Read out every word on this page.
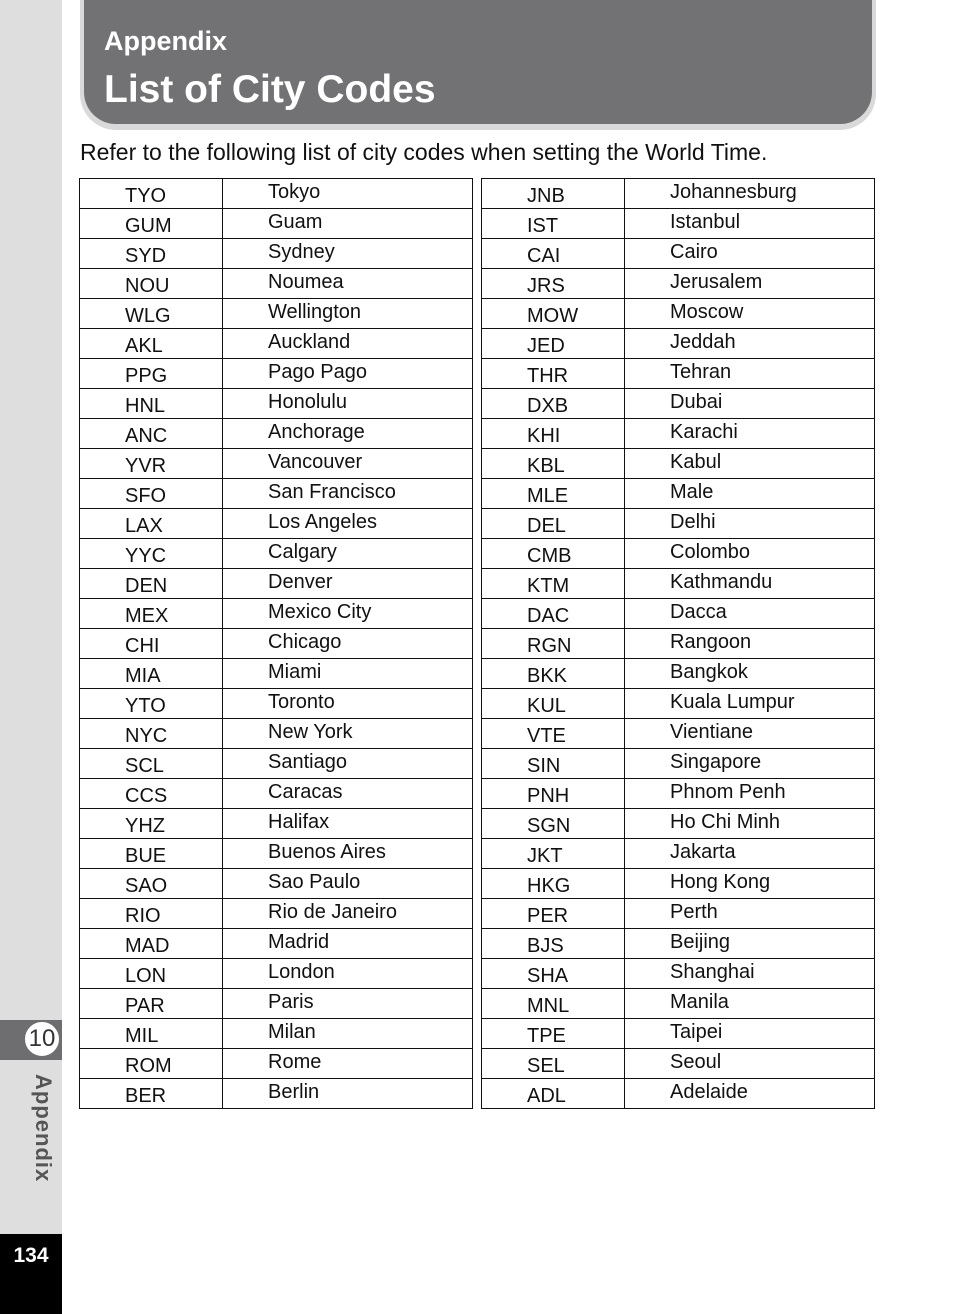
10
Appendix
134
Appendix
List of City Codes
Refer to the following list of city codes when setting the World Time.
TYO	Tokyo
GUM	Guam
SYD	Sydney
NOU	Noumea
WLG	Wellington
AKL	Auckland
PPG	Pago Pago
HNL	Honolulu
ANC	Anchorage
YVR	Vancouver
SFO	San Francisco
LAX	Los Angeles
YYC	Calgary
DEN	Denver
MEX	Mexico City
CHI	Chicago
MIA	Miami
YTO	Toronto
NYC	New York
SCL	Santiago
CCS	Caracas
YHZ	Halifax
BUE	Buenos Aires
SAO	Sao Paulo
RIO	Rio de Janeiro
MAD	Madrid
LON	London
PAR	Paris
MIL	Milan
ROM	Rome
BER	Berlin
JNB	Johannesburg
IST	Istanbul
CAI	Cairo
JRS	Jerusalem
MOW	Moscow
JED	Jeddah
THR	Tehran
DXB	Dubai
KHI	Karachi
KBL	Kabul
MLE	Male
DEL	Delhi
CMB	Colombo
KTM	Kathmandu
DAC	Dacca
RGN	Rangoon
BKK	Bangkok
KUL	Kuala Lumpur
VTE	Vientiane
SIN	Singapore
PNH	Phnom Penh
SGN	Ho Chi Minh
JKT	Jakarta
HKG	Hong Kong
PER	Perth
BJS	Beijing
SHA	Shanghai
MNL	Manila
TPE	Taipei
SEL	Seoul
ADL	Adelaide
